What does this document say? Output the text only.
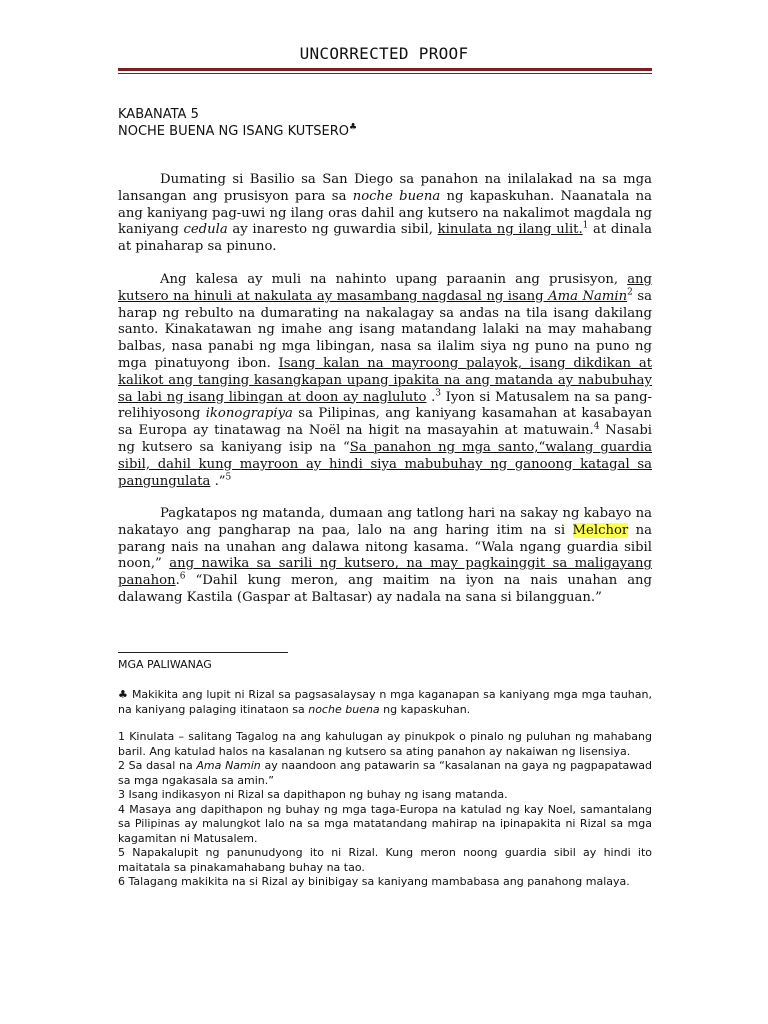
UNCORRECTED PROOF
KABANATA 5
NOCHE BUENA NG ISANG KUTSERO♣
Dumating si Basilio sa San Diego sa panahon na inilalakad na sa mga lansangan ang prusisyon para sa noche buena ng kapaskuhan. Naanatala na ang kaniyang pag-uwi ng ilang oras dahil ang kutsero na nakalimot magdala ng kaniyang cedula ay inaresto ng guwardia sibil, kinulata ng ilang ulit.$^1$ at dinala at pinaharap sa pinuno.
Ang kalesa ay muli na nahinto upang paraanin ang prusisyon, ang kutsero na hinuli at nakulata ay masambang nagdasal ng isang Ama Namin$^2$ sa harap ng rebulto na dumarating na nakalagay sa andas na tila isang dakilang santo. Kinakatawan ng imahe ang isang matandang lalaki na may mahabang balbas, nasa panabi ng mga libingan, nasa sa ilalim siya ng puno na puno ng mga pinatuyong ibon. Isang kalan na mayroong palayok, isang dikdikan at kalikot ang tanging kasangkapan upang ipakita na ang matanda ay nabubuhay sa labi ng isang libingan at doon ay nagluluto .$^3$ Iyon si Matusalem na sa pang-relihiyosong ikonograpiya sa Pilipinas, ang kaniyang kasamahan at kasabayan sa Europa ay tinatawag na Noël na higit na masayahin at matuwain.$^4$ Nasabi ng kutsero sa kaniyang isip na “Sa panahon ng mga santo,“walang guardia sibil, dahil kung mayroon ay hindi siya mabubuhay ng ganoong katagal sa pangungulata .”$^5$
Pagkatapos ng matanda, dumaan ang tatlong hari na sakay ng kabayo na nakatayo ang pangharap na paa, lalo na ang haring itim na si Melchor na parang nais na unahan ang dalawa nitong kasama. “Wala ngang guardia sibil noon,” ang nawika sa sarili ng kutsero, na may pagkainggit sa maligayang panahon.$^6$ “Dahil kung meron, ang maitim na iyon na nais unahan ang dalawang Kastila (Gaspar at Baltasar) ay nadala na sana si bilangguan.”
MGA PALIWANAG
♣ Makikita ang lupit ni Rizal sa pagsasalaysay n mga kaganapan sa kaniyang mga mga tauhan, na kaniyang palaging itinataon sa noche buena ng kapaskuhan.

1 Kinulata – salitang Tagalog na ang kahulugan ay pinukpok o pinalo ng puluhan ng mahabang baril. Ang katulad halos na kasalanan ng kutsero sa ating panahon ay nakaiwan ng lisensiya.

2 Sa dasal na Ama Namin ay naandoon ang patawarin sa “kasalanan na gaya ng pagpapatawad sa mga ngakasala sa amin.”

3 Isang indikasyon ni Rizal sa dapithapon ng buhay ng isang matanda.

4 Masaya ang dapithapon ng buhay ng mga taga-Europa na katulad ng kay Noel, samantalang sa Pilipinas ay malungkot lalo na sa mga matatandang mahirap na ipinapakita ni Rizal sa mga kagamitan ni Matusalem.

5 Napakalupit ng panunudyong ito ni Rizal. Kung meron noong guardia sibil ay hindi ito maitatala sa pinakamahabang buhay na tao.

6 Talagang makikita na si Rizal ay binibigay sa kaniyang mambabasa ang panahong malaya.
